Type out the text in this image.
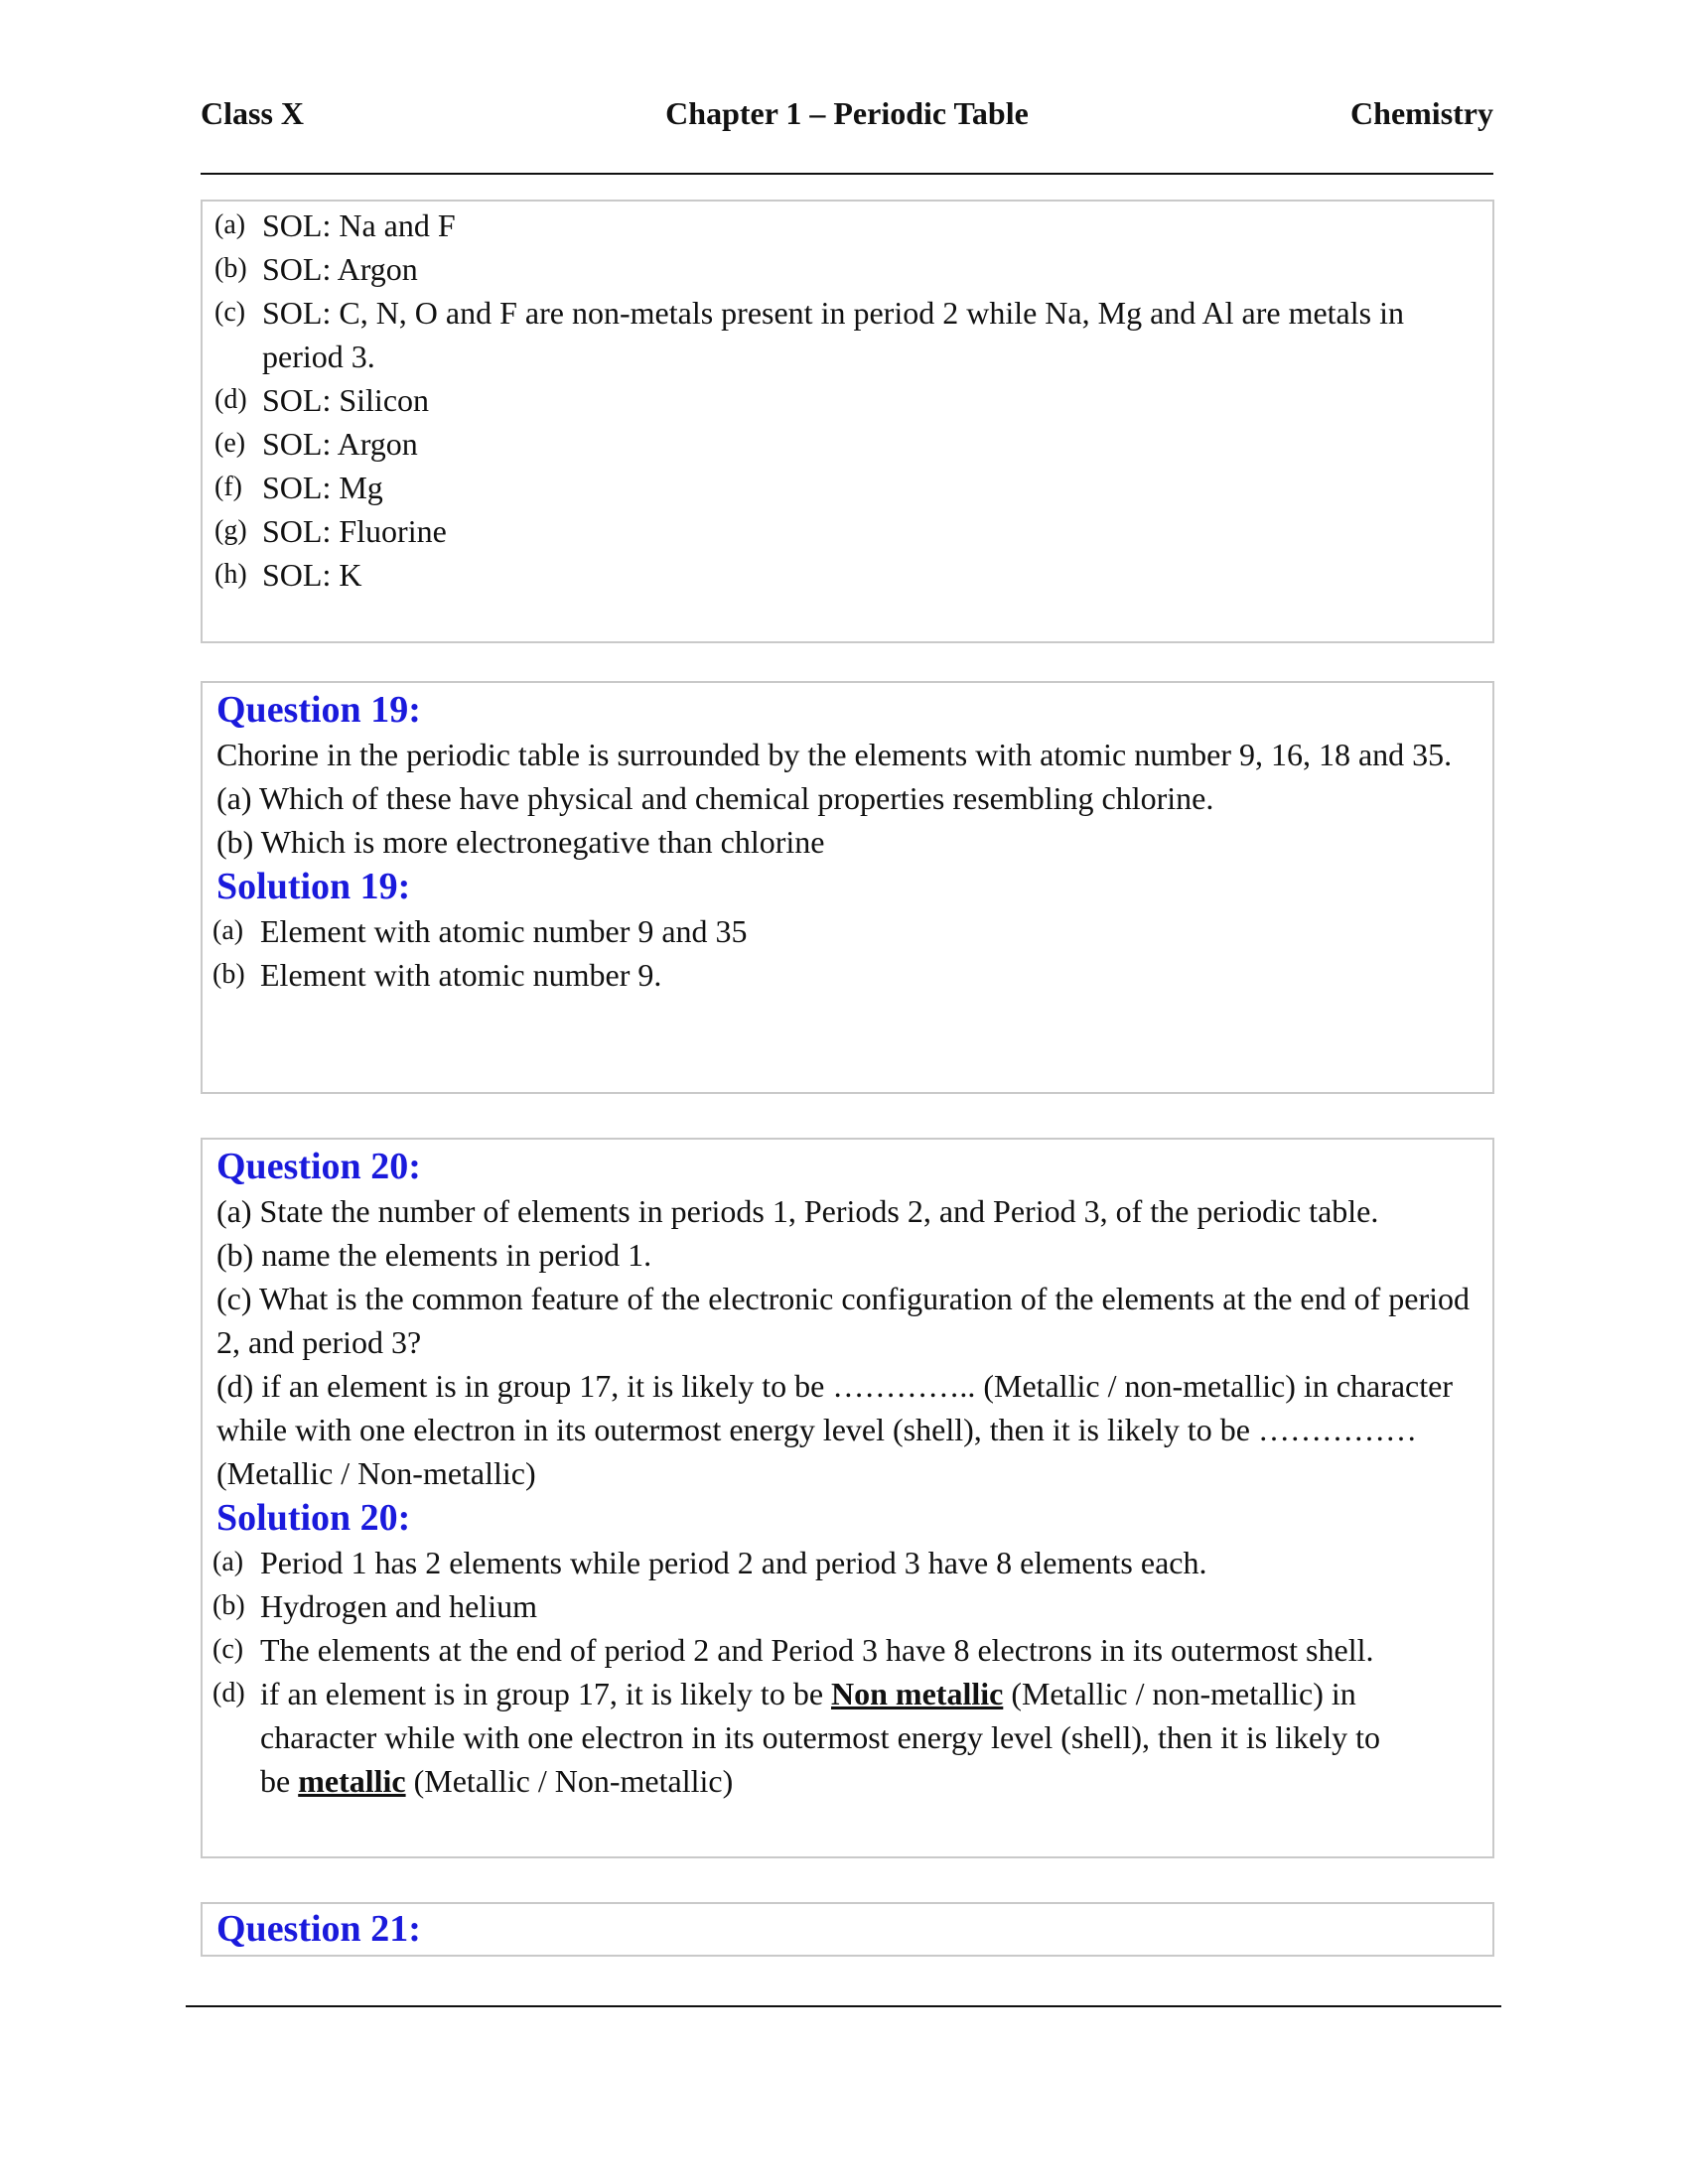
Class X	Chapter 1 – Periodic Table	Chemistry
(a) SOL: Na and F
(b) SOL: Argon
(c) SOL: C, N, O and F are non-metals present in period 2 while Na, Mg and Al are metals in period 3.
(d) SOL: Silicon
(e) SOL: Argon
(f) SOL: Mg
(g) SOL: Fluorine
(h) SOL: K

Question 19:

Chorine in the periodic table is surrounded by the elements with atomic number 9, 16, 18 and 35.

(a) Which of these have physical and chemical properties resembling chlorine.

(b) Which is more electronegative than chlorine

Solution 19:

(a) Element with atomic number 9 and 35
(b) Element with atomic number 9.

Question 20:

(a) State the number of elements in periods 1, Periods 2, and Period 3, of the periodic table.

(b) name the elements in period 1.

(c) What is the common feature of the electronic configuration of the elements at the end of period 2, and period 3?

(d) if an element is in group 17, it is likely to be ………….. (Metallic / non-metallic) in character while with one electron in its outermost energy level (shell), then it is likely to be ……………(Metallic / Non-metallic)

Solution 20:

(a) Period 1 has 2 elements while period 2 and period 3 have 8 elements each.
(b) Hydrogen and helium
(c) The elements at the end of period 2 and Period 3 have 8 electrons in its outermost shell.
(d) if an element is in group 17, it is likely to be Non metallic (Metallic / non-metallic) in character while with one electron in its outermost energy level (shell), then it is likely to be metallic (Metallic / Non-metallic)

Question 21:
